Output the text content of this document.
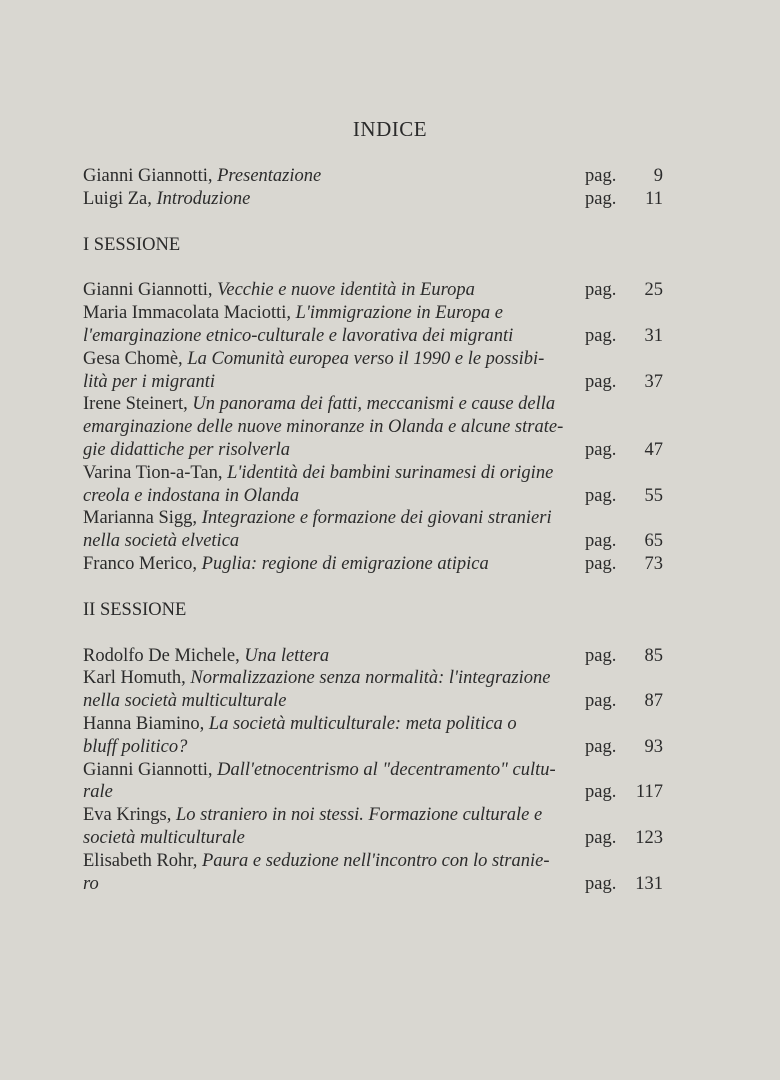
INDICE
Gianni Giannotti, Presentazione	pag. 9
Luigi Za, Introduzione	pag. 11
I SESSIONE
Gianni Giannotti, Vecchie e nuove identità in Europa	pag. 25
Maria Immacolata Maciotti, L'immigrazione in Europa e
l'emarginazione etnico-culturale e lavorativa dei migranti	pag. 31
Gesa Chomè, La Comunità europea verso il 1990 e le possibi-
lità per i migranti	pag. 37
Irene Steinert, Un panorama dei fatti, meccanismi e cause della
emarginazione delle nuove minoranze in Olanda e alcune strate-
gie didattiche per risolverla	pag. 47
Varina Tion-a-Tan, L'identità dei bambini surinamesi di origine
creola e indostana in Olanda	pag. 55
Marianna Sigg, Integrazione e formazione dei giovani stranieri
nella società elvetica	pag. 65
Franco Merico, Puglia: regione di emigrazione atipica	pag. 73
II SESSIONE
Rodolfo De Michele, Una lettera	pag. 85
Karl Homuth, Normalizzazione senza normalità: l'integrazione
nella società multiculturale	pag. 87
Hanna Biamino, La società multiculturale: meta politica o
bluff politico?	pag. 93
Gianni Giannotti, Dall'etnocentrismo al "decentramento" cultu-
rale	pag. 117
Eva Krings, Lo straniero in noi stessi. Formazione culturale e
società multiculturale	pag. 123
Elisabeth Rohr, Paura e seduzione nell'incontro con lo stranie-
ro	pag. 131
